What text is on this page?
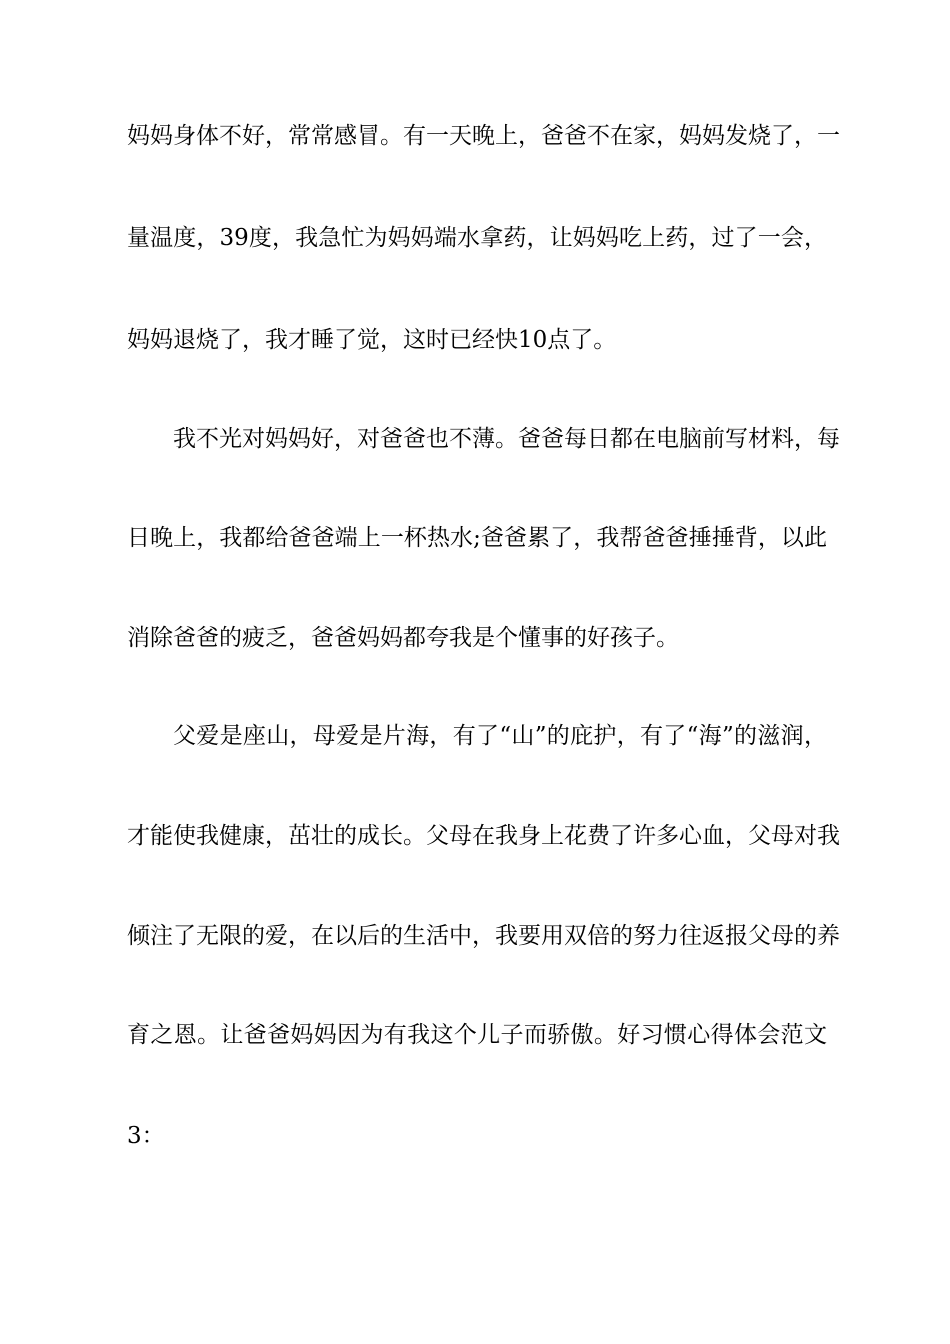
妈妈身体不好，常常感冒。有一天晚上，爸爸不在家，妈妈发烧了，一
量温度，39度，我急忙为妈妈端水拿药，让妈妈吃上药，过了一会，
妈妈退烧了，我才睡了觉，这时已经快10点了。
我不光对妈妈好，对爸爸也不薄。爸爸每日都在电脑前写材料，每
日晚上，我都给爸爸端上一杯热水;爸爸累了，我帮爸爸捶捶背，以此
消除爸爸的疲乏，爸爸妈妈都夸我是个懂事的好孩子。
父爱是座山，母爱是片海，有了“山”的庇护，有了“海”的滋润，
才能使我健康，茁壮的成长。父母在我身上花费了许多心血，父母对我
倾注了无限的爱，在以后的生活中，我要用双倍的努力往返报父母的养
育之恩。让爸爸妈妈因为有我这个儿子而骄傲。好习惯心得体会范文
3：
